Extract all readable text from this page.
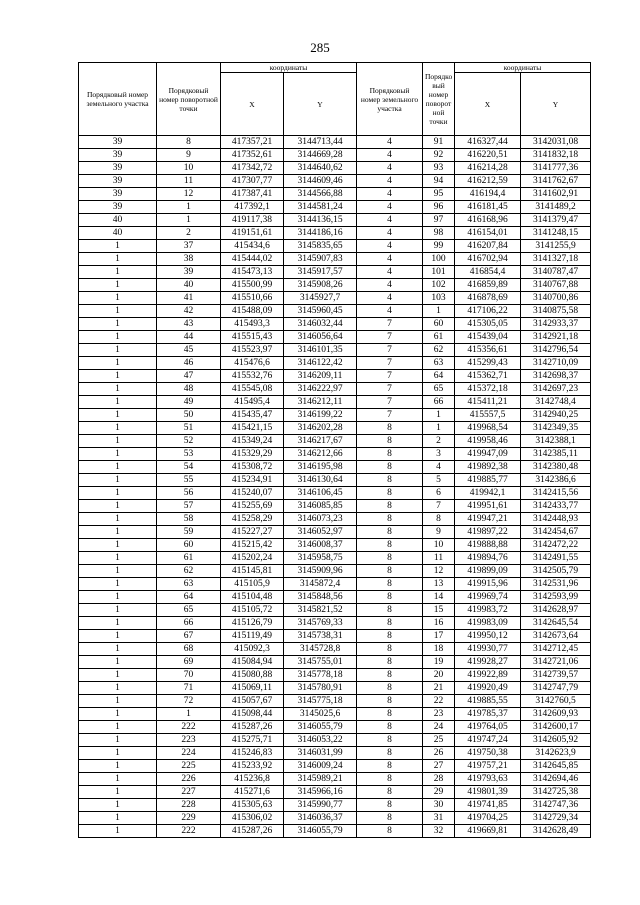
285
Порядковый номер земельного участка	Порядковый номер поворотной точки	координаты		Порядковый номер земельного участка	Порядко вый номер поворот ной точки	координаты	
		X	Y			X	Y
39	8	417357,21	3144713,44	4	91	416327,44	3142031,08
39	9	417352,61	3144669,28	4	92	416220,51	3141832,18
39	10	417342,72	3144640,62	4	93	416214,28	3141777,36
39	11	417307,77	3144609,46	4	94	416212,59	3141762,67
39	12	417387,41	3144566,88	4	95	416194,4	3141602,91
39	1	417392,1	3144581,24	4	96	416181,45	3141489,2
40	1	419117,38	3144136,15	4	97	416168,96	3141379,47
40	2	419151,61	3144186,16	4	98	416154,01	3141248,15
1	37	415434,6	3145835,65	4	99	416207,84	3141255,9
1	38	415444,02	3145907,83	4	100	416702,94	3141327,18
1	39	415473,13	3145917,57	4	101	416854,4	3140787,47
1	40	415500,99	3145908,26	4	102	416859,89	3140767,88
1	41	415510,66	3145927,7	4	103	416878,69	3140700,86
1	42	415488,09	3145960,45	4	1	417106,22	3140875,58
1	43	415493,3	3146032,44	7	60	415305,05	3142933,37
1	44	415515,43	3146056,64	7	61	415439,04	3142921,18
1	45	415523,97	3146101,35	7	62	415356,61	3142796,54
1	46	415476,6	3146122,42	7	63	415299,43	3142710,09
1	47	415532,76	3146209,11	7	64	415362,71	3142698,37
1	48	415545,08	3146222,97	7	65	415372,18	3142697,23
1	49	415495,4	3146212,11	7	66	415411,21	3142748,4
1	50	415435,47	3146199,22	7	1	415557,5	3142940,25
1	51	415421,15	3146202,28	8	1	419968,54	3142349,35
1	52	415349,24	3146217,67	8	2	419958,46	3142388,1
1	53	415329,29	3146212,66	8	3	419947,09	3142385,11
1	54	415308,72	3146195,98	8	4	419892,38	3142380,48
1	55	415234,91	3146130,64	8	5	419885,77	3142386,6
1	56	415240,07	3146106,45	8	6	419942,1	3142415,56
1	57	415255,69	3146085,85	8	7	419951,61	3142433,77
1	58	415258,29	3146073,23	8	8	419947,21	3142448,93
1	59	415227,27	3146052,97	8	9	419897,22	3142454,67
1	60	415215,42	3146008,37	8	10	419888,88	3142472,22
1	61	415202,24	3145958,75	8	11	419894,76	3142491,55
1	62	415145,81	3145909,96	8	12	419899,09	3142505,79
1	63	415105,9	3145872,4	8	13	419915,96	3142531,96
1	64	415104,48	3145848,56	8	14	419969,74	3142593,99
1	65	415105,72	3145821,52	8	15	419983,72	3142628,97
1	66	415126,79	3145769,33	8	16	419983,09	3142645,54
1	67	415119,49	3145738,31	8	17	419950,12	3142673,64
1	68	415092,3	3145728,8	8	18	419930,77	3142712,45
1	69	415084,94	3145755,01	8	19	419928,27	3142721,06
1	70	415080,88	3145778,18	8	20	419922,89	3142739,57
1	71	415069,11	3145780,91	8	21	419920,49	3142747,79
1	72	415057,67	3145775,18	8	22	419885,55	3142760,5
1	1	415098,44	3145025,6	8	23	419785,37	3142609,93
1	222	415287,26	3146055,79	8	24	419764,05	3142600,17
1	223	415275,71	3146053,22	8	25	419747,24	3142605,92
1	224	415246,83	3146031,99	8	26	419750,38	3142623,9
1	225	415233,92	3146009,24	8	27	419757,21	3142645,85
1	226	415236,8	3145989,21	8	28	419793,63	3142694,46
1	227	415271,6	3145966,16	8	29	419801,39	3142725,38
1	228	415305,63	3145990,77	8	30	419741,85	3142747,36
1	229	415306,02	3146036,37	8	31	419704,25	3142729,34
1	222	415287,26	3146055,79	8	32	419669,81	3142628,49
